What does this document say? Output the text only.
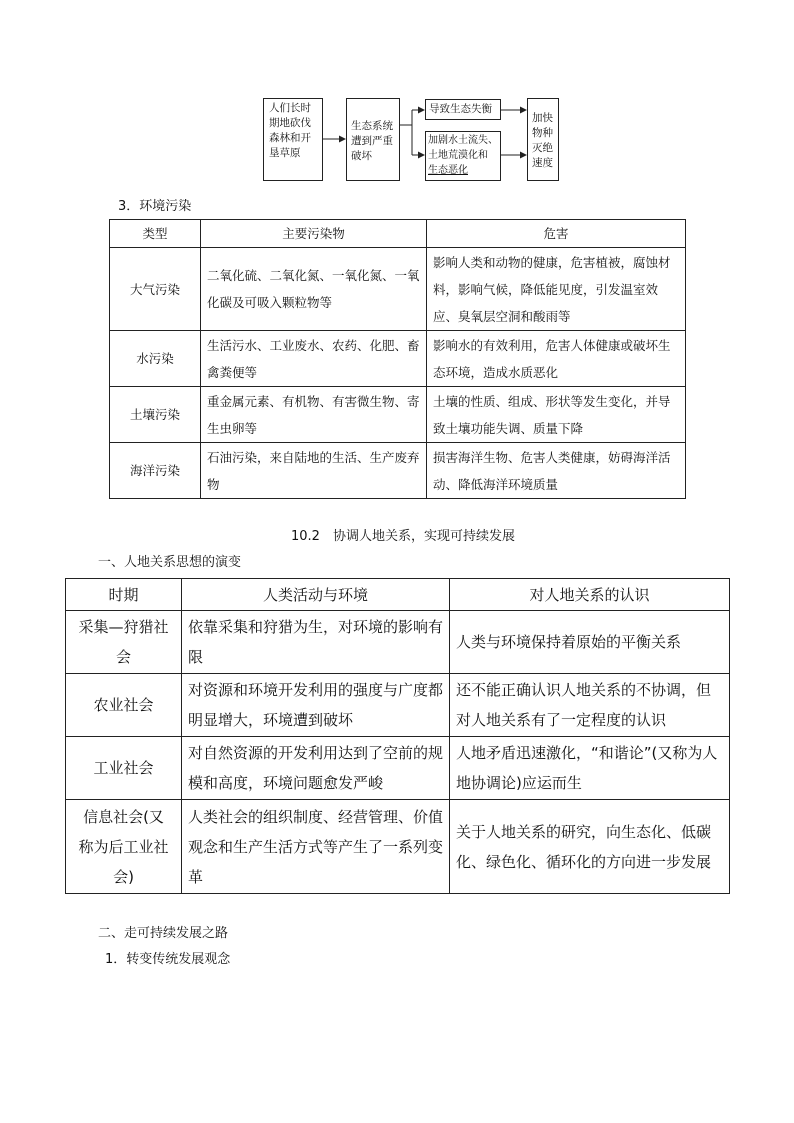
人们长时
期地砍伐
森林和开
垦草原
生态系统
遭到严重
破坏
导致生态失衡
加剧水土流失、
土地荒漠化和
生态恶化
加快
物种
灭绝
速度
3．环境污染
类型	主要污染物	危害
大气污染	二氧化硫、二氧化氮、一氧化氮、一氧化碳及可吸入颗粒物等	影响人类和动物的健康，危害植被，腐蚀材料，影响气候，降低能见度，引发温室效应、臭氧层空洞和酸雨等
水污染	生活污水、工业废水、农药、化肥、畜禽粪便等	影响水的有效利用，危害人体健康或破坏生态环境，造成水质恶化
土壤污染	重金属元素、有机物、有害微生物、寄生虫卵等	土壤的性质、组成、形状等发生变化，并导致土壤功能失调、质量下降
海洋污染	石油污染，来自陆地的生活、生产废弃物	损害海洋生物、危害人类健康，妨碍海洋活动、降低海洋环境质量
10.2　协调人地关系，实现可持续发展
一、人地关系思想的演变
时期	人类活动与环境	对人地关系的认识
采集—狩猎社会	依靠采集和狩猎为生，对环境的影响有限	人类与环境保持着原始的平衡关系
农业社会	对资源和环境开发利用的强度与广度都明显增大，环境遭到破坏	还不能正确认识人地关系的不协调，但对人地关系有了一定程度的认识
工业社会	对自然资源的开发利用达到了空前的规模和高度，环境问题愈发严峻	人地矛盾迅速激化，“和谐论”(又称为人地协调论)应运而生
信息社会(又称为后工业社会)	人类社会的组织制度、经营管理、价值观念和生产生活方式等产生了一系列变革	关于人地关系的研究，向生态化、低碳化、绿色化、循环化的方向进一步发展
二、走可持续发展之路
1．转变传统发展观念
